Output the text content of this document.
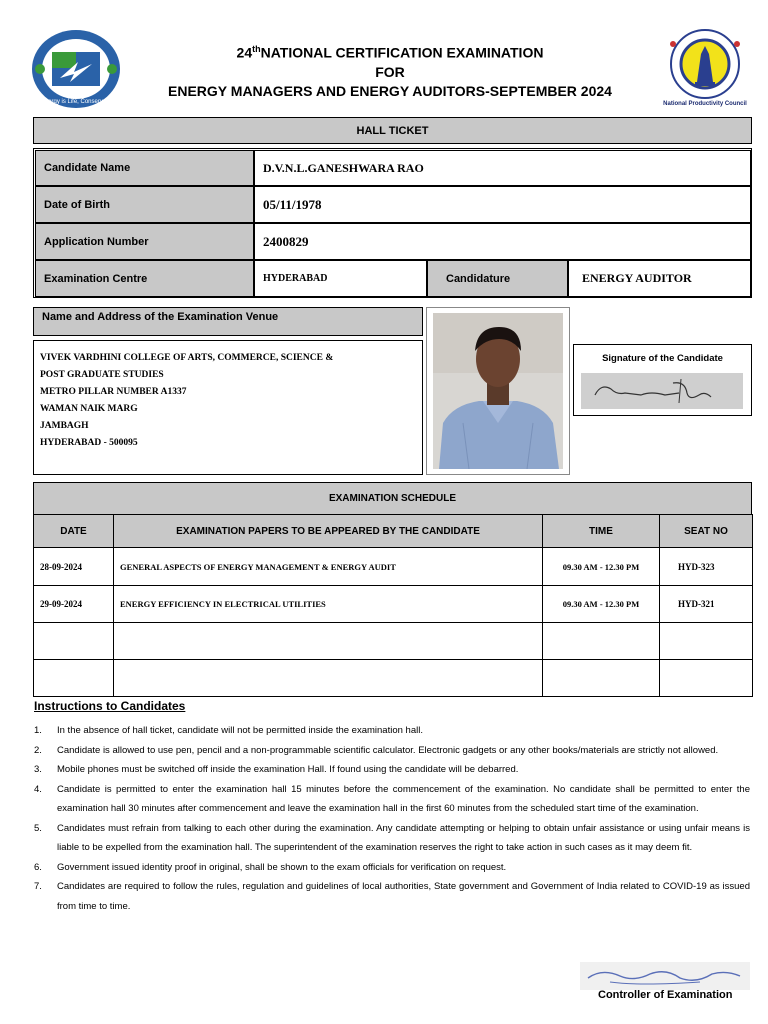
Energy is Life, Conserve It
24thNATIONAL CERTIFICATION EXAMINATION
FOR
ENERGY MANAGERS AND ENERGY AUDITORS-SEPTEMBER 2024
National Productivity Council
HALL TICKET
Candidate Name	D.V.N.L.GANESHWARA RAO
Date of Birth	05/11/1978
Application Number	2400829
Examination Centre	HYDERABAD	Candidature	ENERGY AUDITOR
Name and Address of the Examination Venue
VIVEK VARDHINI COLLEGE OF ARTS, COMMERCE, SCIENCE &
POST GRADUATE STUDIES
METRO PILLAR NUMBER A1337
WAMAN NAIK MARG
JAMBAGH
HYDERABAD - 500095
Signature of the Candidate
EXAMINATION SCHEDULE
DATE	EXAMINATION PAPERS TO BE APPEARED BY THE CANDIDATE	TIME	SEAT NO
28-09-2024	GENERAL ASPECTS OF ENERGY MANAGEMENT & ENERGY AUDIT	09.30 AM - 12.30 PM	HYD-323
29-09-2024	ENERGY EFFICIENCY IN ELECTRICAL UTILITIES	09.30 AM - 12.30 PM	HYD-321

Instructions to Candidates
1.	In the absence of hall ticket, candidate will not be permitted inside the examination hall.
2.	Candidate is allowed to use pen, pencil and a non-programmable scientific calculator. Electronic gadgets or any other books/materials are strictly not allowed.
3.	Mobile phones must be switched off inside the examination Hall. If found using the candidate will be debarred.
4.	Candidate is permitted to enter the examination hall 15 minutes before the commencement of the examination. No candidate shall be permitted to enter the examination hall 30 minutes after commencement and leave the examination hall in the first 60 minutes from the scheduled start time of the examination.
5.	Candidates must refrain from talking to each other during the examination. Any candidate attempting or helping to obtain unfair assistance or using unfair means is liable to be expelled from the examination hall. The superintendent of the examination reserves the right to take action in such cases as it may deem fit.
6.	Government issued identity proof in original, shall be shown to the exam officials for verification on request.
7.	Candidates are required to follow the rules, regulation and guidelines of local authorities, State government and Government of India related to COVID-19 as issued from time to time.
Controller of Examination
